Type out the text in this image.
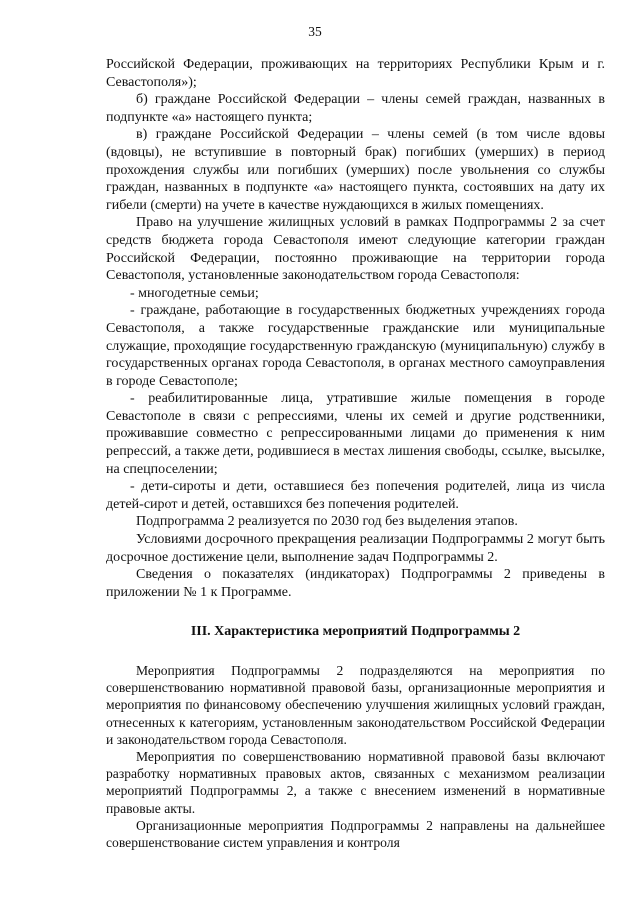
35

Российской Федерации, проживающих на территориях Республики Крым и г. Севастополя»);

б) граждане Российской Федерации – члены семей граждан, названных в подпункте «а» настоящего пункта;

в) граждане Российской Федерации – члены семей (в том числе вдовы (вдовцы), не вступившие в повторный брак) погибших (умерших) в период прохождения службы или погибших (умерших) после увольнения со службы граждан, названных в подпункте «а» настоящего пункта, состоявших на дату их гибели (смерти) на учете в качестве нуждающихся в жилых помещениях.

Право на улучшение жилищных условий в рамках Подпрограммы 2 за счет средств бюджета города Севастополя имеют следующие категории граждан Российской Федерации, постоянно проживающие на территории города Севастополя, установленные законодательством города Севастополя:

- многодетные семьи;

- граждане, работающие в государственных бюджетных учреждениях города Севастополя, а также государственные гражданские или муниципальные служащие, проходящие государственную гражданскую (муниципальную) службу в государственных органах города Севастополя, в органах местного самоуправления в городе Севастополе;

- реабилитированные лица, утратившие жилые помещения в городе Севастополе в связи с репрессиями, члены их семей и другие родственники, проживавшие совместно с репрессированными лицами до применения к ним репрессий, а также дети, родившиеся в местах лишения свободы, ссылке, высылке, на спецпоселении;

- дети-сироты и дети, оставшиеся без попечения родителей, лица из числа детей-сирот и детей, оставшихся без попечения родителей.

Подпрограмма 2 реализуется по 2030 год без выделения этапов.

Условиями досрочного прекращения реализации Подпрограммы 2 могут быть досрочное достижение цели, выполнение задач Подпрограммы 2.

Сведения о показателях (индикаторах) Подпрограммы 2 приведены в приложении № 1 к Программе.

III. Характеристика мероприятий Подпрограммы 2

Мероприятия Подпрограммы 2 подразделяются на мероприятия по совершенствованию нормативной правовой базы, организационные мероприятия и мероприятия по финансовому обеспечению улучшения жилищных условий граждан, отнесенных к категориям, установленным законодательством Российской Федерации и законодательством города Севастополя.

Мероприятия по совершенствованию нормативной правовой базы включают разработку нормативных правовых актов, связанных с механизмом реализации мероприятий Подпрограммы 2, а также с внесением изменений в нормативные правовые акты.

Организационные мероприятия Подпрограммы 2 направлены на дальнейшее совершенствование систем управления и контроля
